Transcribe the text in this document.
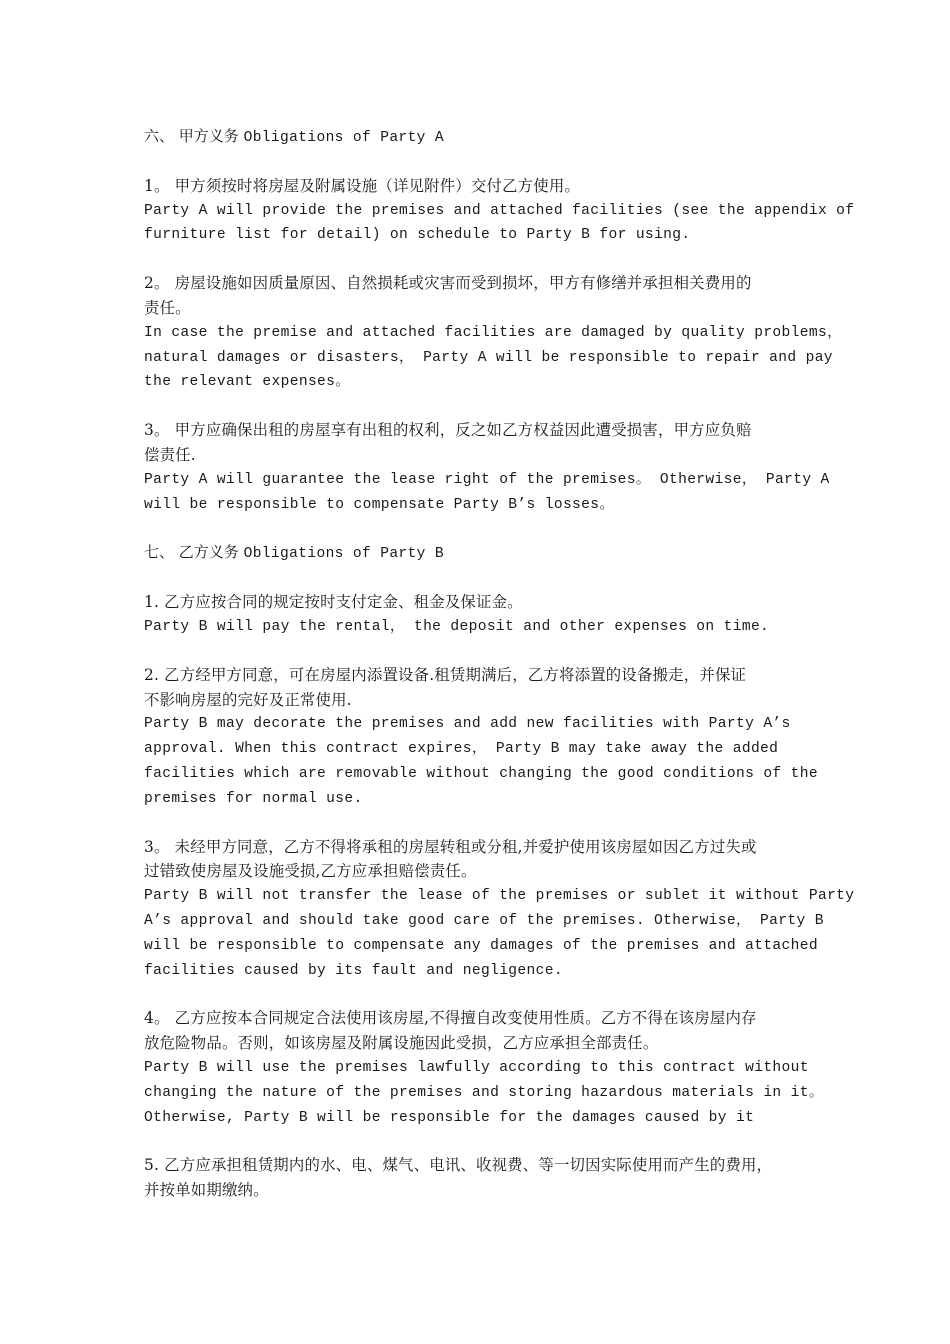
六、 甲方义务 Obligations of Party A
1。 甲方须按时将房屋及附属设施（详见附件）交付乙方使用。
Party A will provide the premises and attached facilities (see the appendix of
furniture list for detail) on schedule to Party B for using.
2。 房屋设施如因质量原因、自然损耗或灾害而受到损坏，甲方有修缮并承担相关费用的
责任。
In case the premise and attached facilities are damaged by quality problems，
natural damages or disasters， Party A will be responsible to repair and pay
the relevant expenses。
3。 甲方应确保出租的房屋享有出租的权利，反之如乙方权益因此遭受损害，甲方应负赔
偿责任.
Party A will guarantee the lease right of the premises。 Otherwise， Party A
will be responsible to compensate Party B’s losses。
七、 乙方义务 Obligations of Party B
1. 乙方应按合同的规定按时支付定金、租金及保证金。
Party B will pay the rental， the deposit and other expenses on time.
2. 乙方经甲方同意，可在房屋内添置设备.租赁期满后，乙方将添置的设备搬走，并保证
不影响房屋的完好及正常使用.
Party B may decorate the premises and add new facilities with Party A’s
approval. When this contract expires， Party B may take away the added
facilities which are removable without changing the good conditions of the
premises for normal use.
3。 未经甲方同意，乙方不得将承租的房屋转租或分租,并爱护使用该房屋如因乙方过失或
过错致使房屋及设施受损,乙方应承担赔偿责任。
Party B will not transfer the lease of the premises or sublet it without Party
A’s approval and should take good care of the premises. Otherwise， Party B
will be responsible to compensate any damages of the premises and attached
facilities caused by its fault and negligence.
4。 乙方应按本合同规定合法使用该房屋,不得擅自改变使用性质。乙方不得在该房屋内存
放危险物品。否则，如该房屋及附属设施因此受损，乙方应承担全部责任。
Party B will use the premises lawfully according to this contract without
changing the nature of the premises and storing hazardous materials in it。
Otherwise, Party B will be responsible for the damages caused by it
5. 乙方应承担租赁期内的水、电、煤气、电讯、收视费、等一切因实际使用而产生的费用，
并按单如期缴纳。
